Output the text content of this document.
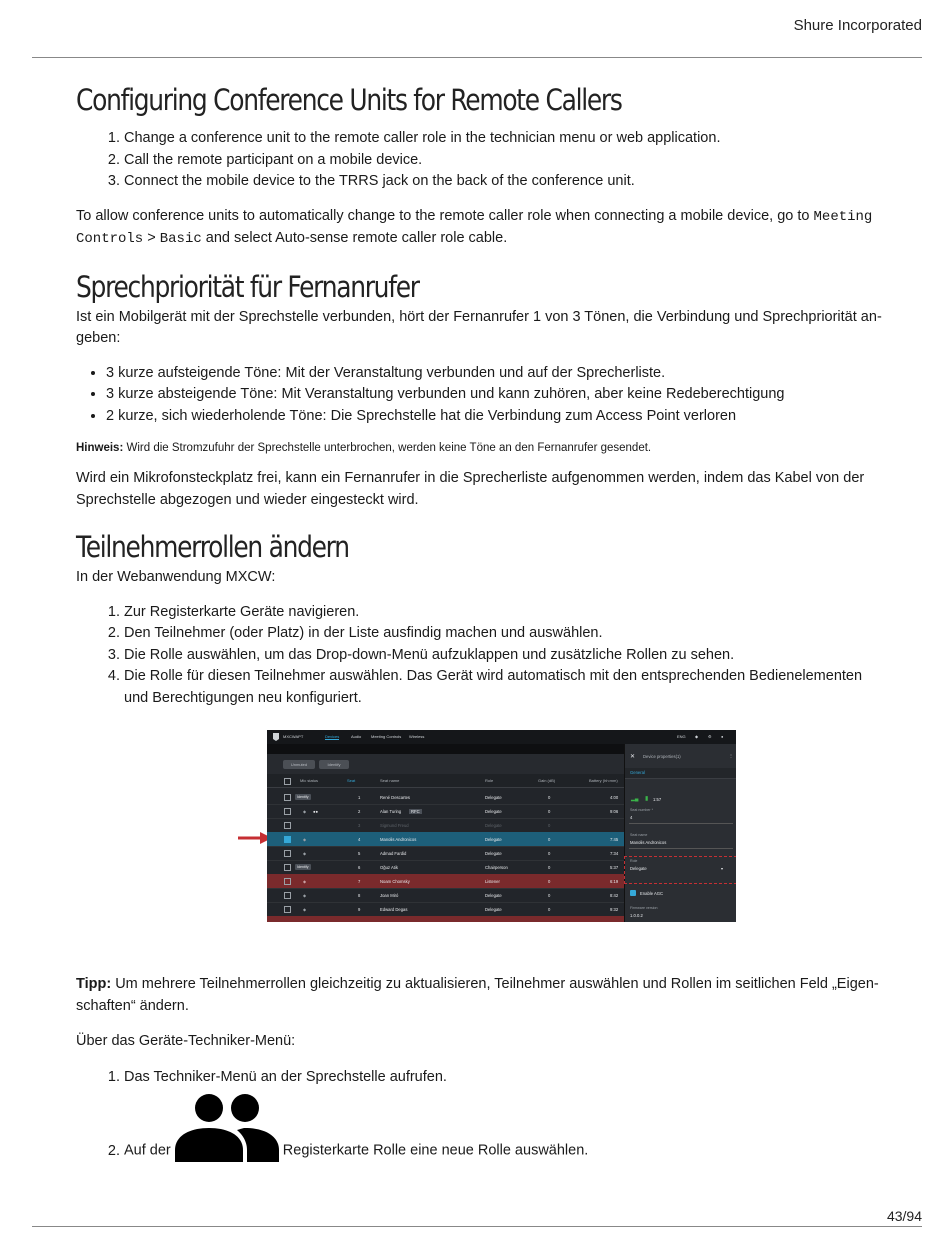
Shure Incorporated
Configuring Conference Units for Remote Callers
1. Change a conference unit to the remote caller role in the technician menu or web application.
2. Call the remote participant on a mobile device.
3. Connect the mobile device to the TRRS jack on the back of the conference unit.

To allow conference units to automatically change to the remote caller role when connecting a mobile device, go to Meeting Controls > Basic and select Auto-sense remote caller role cable.

Sprechpriorität für Fernanrufer

Ist ein Mobilgerät mit der Sprechstelle verbunden, hört der Fernanrufer 1 von 3 Tönen, die Verbindung und Sprechpriorität angeben:

• 3 kurze aufsteigende Töne: Mit der Veranstaltung verbunden und auf der Sprecherliste.
• 3 kurze absteigende Töne: Mit Veranstaltung verbunden und kann zuhören, aber keine Redeberechtigung
• 2 kurze, sich wiederholende Töne: Die Sprechstelle hat die Verbindung zum Access Point verloren

Hinweis: Wird die Stromzufuhr der Sprechstelle unterbrochen, werden keine Töne an den Fernanrufer gesendet.

Wird ein Mikrofonsteckplatz frei, kann ein Fernanrufer in die Sprecherliste aufgenommen werden, indem das Kabel von der Sprechstelle abgezogen und wieder eingesteckt wird.

Teilnehmerrollen ändern

In der Webanwendung MXCW:

1. Zur Registerkarte Geräte navigieren.
2. Den Teilnehmer (oder Platz) in der Liste ausfindig machen und auswählen.
3. Die Rolle auswählen, um das Drop-down-Menü aufzuklappen und zusätzliche Rollen zu sehen.
4. Die Rolle für diesen Teilnehmer auswählen. Das Gerät wird automatisch mit den entsprechenden Bedienelementen und Berechtigungen neu konfiguriert.
MXCWAPT	Devices	Audio Meeting Controls Wireless	ENG ◆ ⚙ ●
Unmuted	Identify
Mic status	Seat	Seat name	Role	Gain (dB)	Battery (hh:mm)
Identify	1	René Descartes	Delegate	0	4:00
◆ ●●	2	Alan Turing	RFC	Delegate	0	9:06
3	Sigmund Freud	Delegate	0
◆	4	Manolis Andronicos	Delegate	0	7:45
◆	5	Admad Fardid	Delegate	0	7:34
Identify	6	Oğuz Atik	Chairperson	0	5:37
◆	7	Noam Chomsky	Listener	0	6:19
◆	8	Joan Miró	Delegate	0	8:42
◆	9	Edward Degas	Delegate	0	9:32
✕ Device properties(1)	⋮
General
▂▄ ▮ 1:57
Seat number *
4
Seat name
Manolis Andronicos
Role
Delegate	▾
Enable AGC
Firmware version
1.0.0.2

Tipp: Um mehrere Teilnehmerrollen gleichzeitig zu aktualisieren, Teilnehmer auswählen und Rollen im seitlichen Feld „Eigenschaften“ ändern.

Über das Geräte-Techniker-Menü:

1. Das Techniker-Menü an der Sprechstelle aufrufen.
2. Auf der	Registerkarte Rolle eine neue Rolle auswählen.
43/94
